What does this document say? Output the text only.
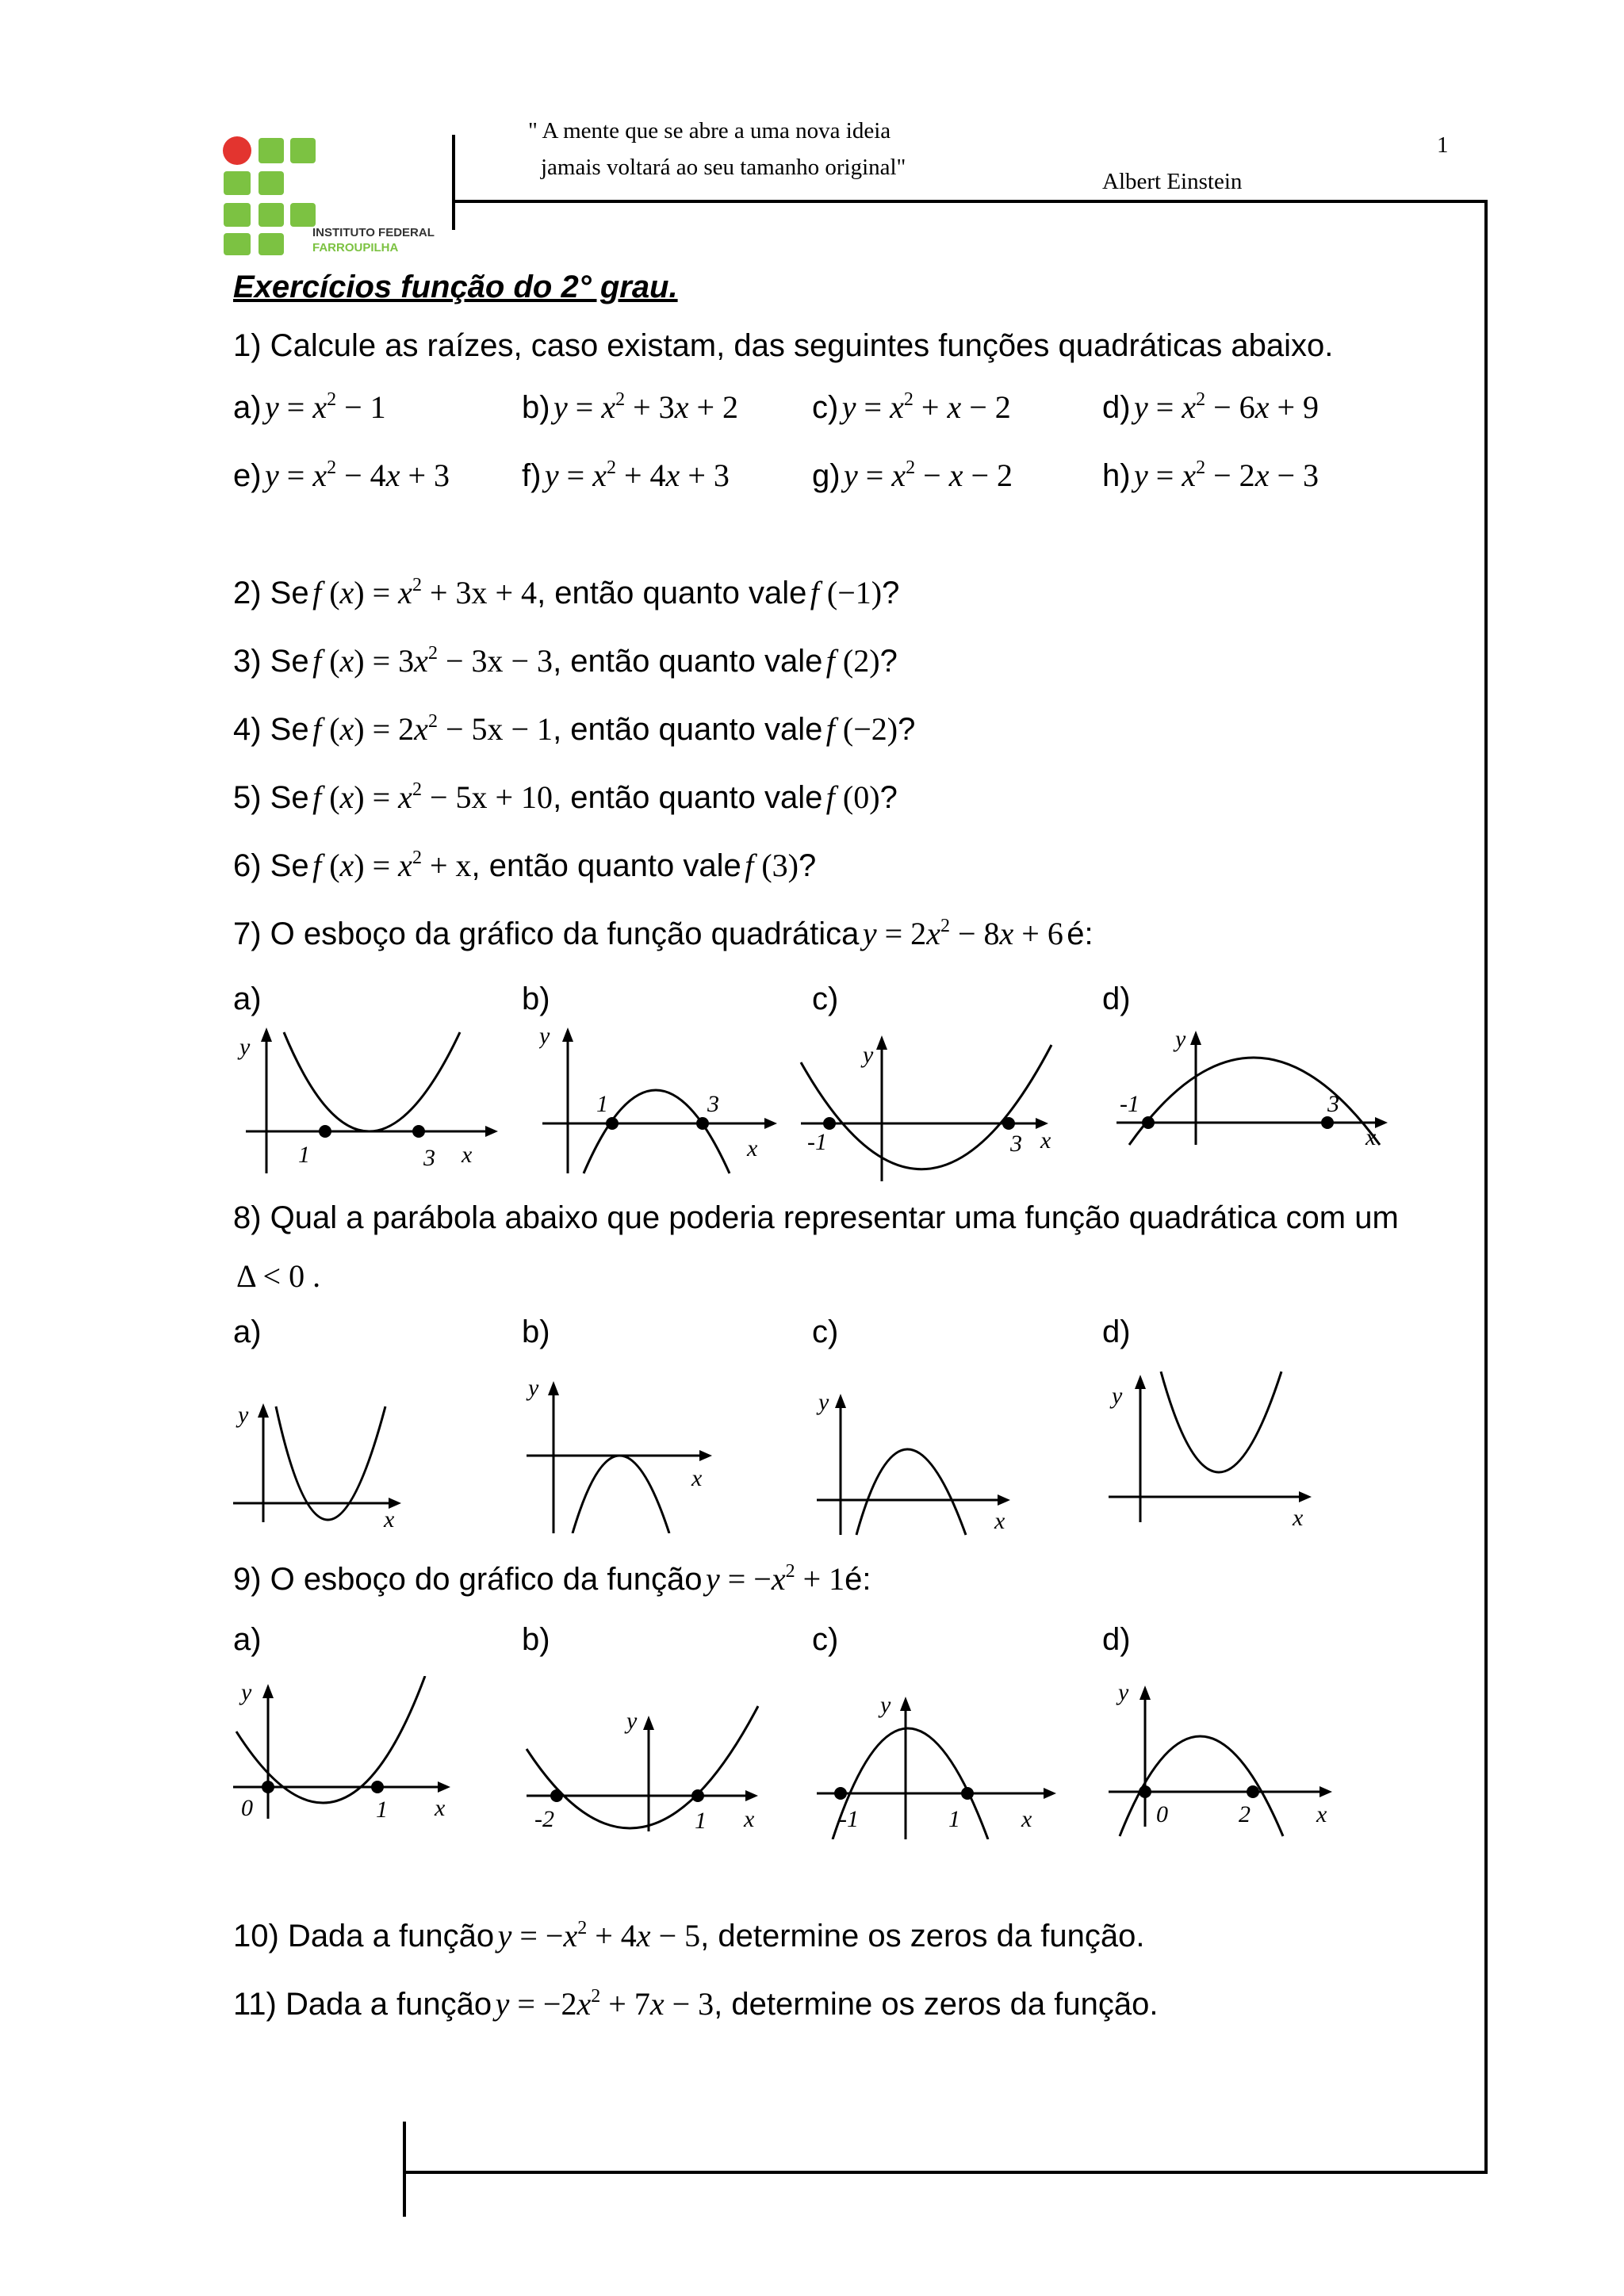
INSTITUTO FEDERAL
FARROUPILHA
" A mente que se abre a uma nova ideia
jamais voltará ao seu tamanho original"
Albert Einstein
1
Exercícios função do 2° grau.
1) Calcule as raízes, caso existam, das seguintes funções quadráticas abaixo.
a) $y = x^2 - 1$	b) $y = x^2 + 3x + 2$ c) $y = x^2 + x - 2$	d) $y = x^2 - 6x + 9$
e) $y = x^2 - 4x + 3$ f) $y = x^2 + 4x + 3$	g) $y = x^2 - x - 2$	h) $y = x^2 - 2x - 3$
2) Se f $(x) = x^2 + 3x + 4$, então quanto vale f (−1)?
3) Se f $(x) = 3x^2 - 3x - 3$, então quanto vale f (2)?
4) Se f $(x) = 2x^2 - 5x - 1$, então quanto vale f (−2)?
5) Se f $(x) = x^2 - 5x + 10$, então quanto vale f (0)?
6) Se f $(x) = x^2 + x$, então quanto vale f (3)?
7) O esboço da gráfico da função quadrática $y = 2x^2 - 8x + 6$ é:
a)	b)	c)	d)
y
1	3 x
y
1	3
x
y
-1	3 x
y
-1	3
x
8) Qual a parábola abaixo que poderia representar uma função quadrática com um
Δ < 0 .
a)	b)	c)	d)
y
x
y
x
y
x
y
x
9) O esboço do gráfico da função $y = -x^2$ + 1é:
a)	b)	c)	d)
y
0	1 x
y
-2	1 x
y
-1	1	x
y
0	2	x
10) Dada a função $y = -x^2 + 4x - 5$, determine os zeros da função.
11) Dada a função $y = -2x^2 + 7x - 3$, determine os zeros da função.
